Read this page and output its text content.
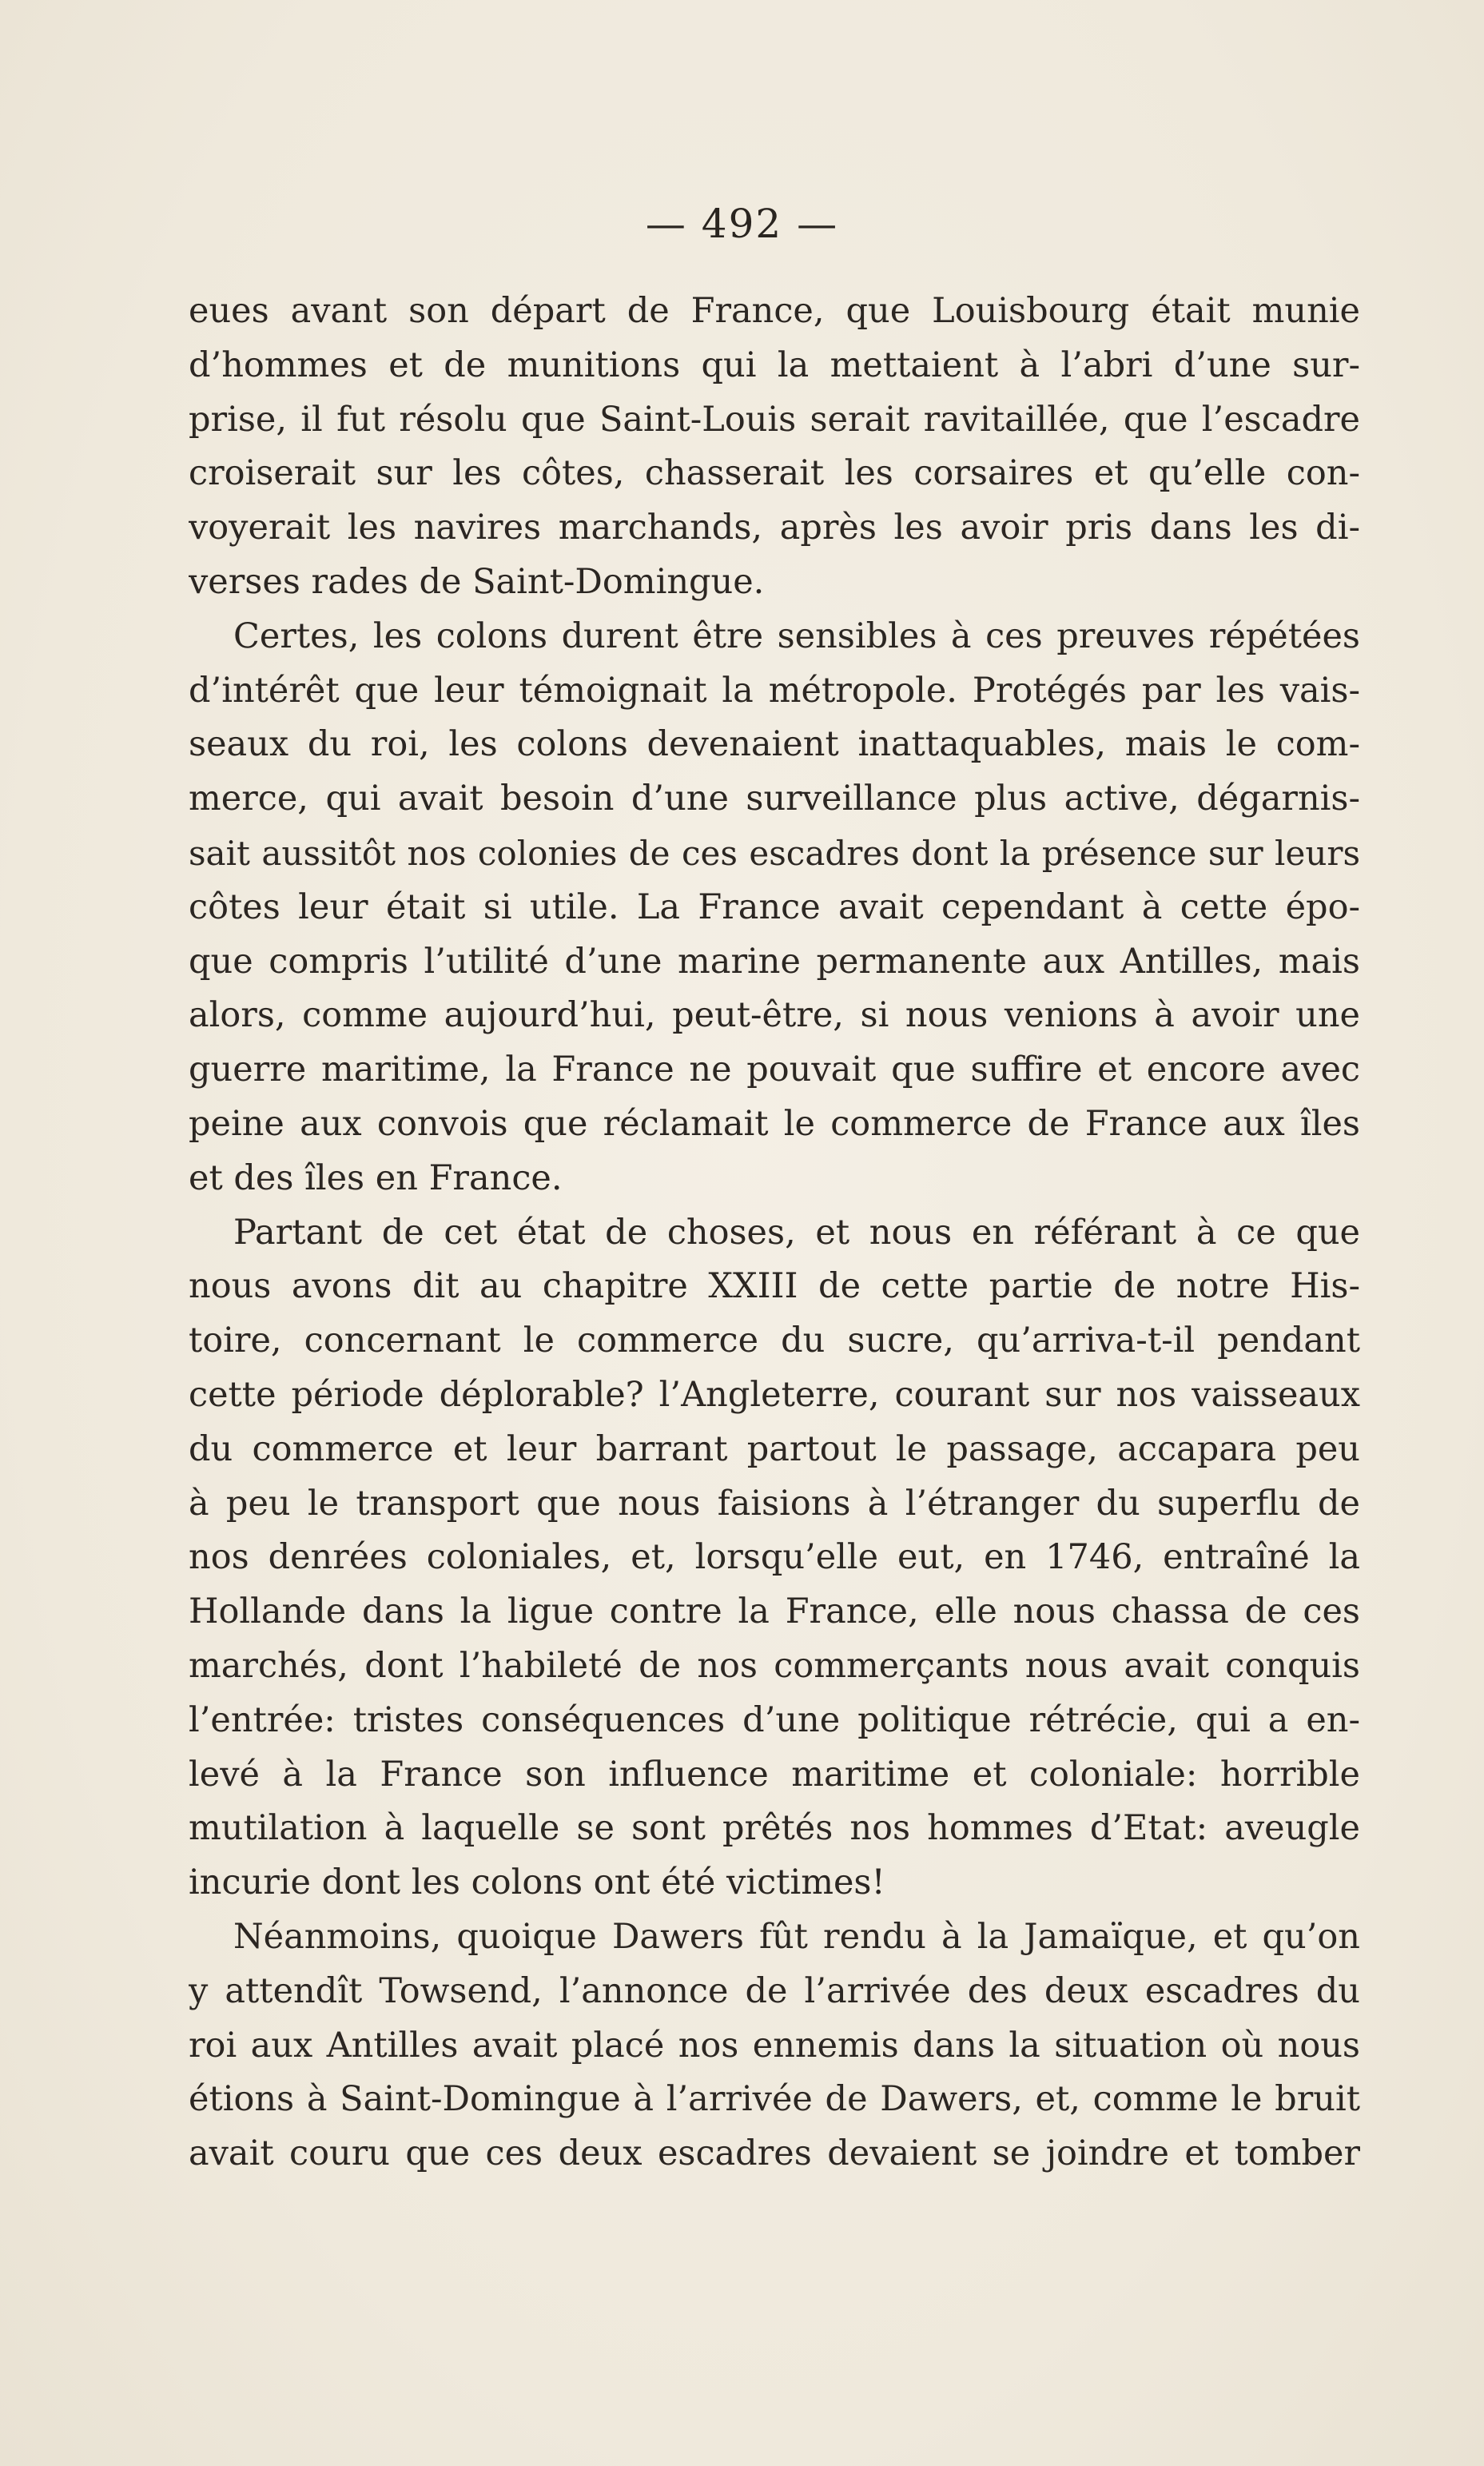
— 492 —
eues avant son départ de France, que Louisbourg était munie
d’hommes et de munitions qui la mettaient à l’abri d’une sur-
prise, il fut résolu que Saint-Louis serait ravitaillée, que l’escadre
croiserait sur les côtes, chasserait les corsaires et qu’elle con-
voyerait les navires marchands, après les avoir pris dans les di-
verses rades de Saint-Domingue.
Certes, les colons durent être sensibles à ces preuves répétées
d’intérêt que leur témoignait la métropole. Protégés par les vais-
seaux du roi, les colons devenaient inattaquables, mais le com-
merce, qui avait besoin d’une surveillance plus active, dégarnis-
sait aussitôt nos colonies de ces escadres dont la présence sur leurs
côtes leur était si utile. La France avait cependant à cette épo-
que compris l’utilité d’une marine permanente aux Antilles, mais
alors, comme aujourd’hui, peut-être, si nous venions à avoir une
guerre maritime, la France ne pouvait que suffire et encore avec
peine aux convois que réclamait le commerce de France aux îles
et des îles en France.
Partant de cet état de choses, et nous en référant à ce que
nous avons dit au chapitre XXIII de cette partie de notre His-
toire, concernant le commerce du sucre, qu’arriva-t-il pendant
cette période déplorable? l’Angleterre, courant sur nos vaisseaux
du commerce et leur barrant partout le passage, accapara peu
à peu le transport que nous faisions à l’étranger du superflu de
nos denrées coloniales, et, lorsqu’elle eut, en 1746, entraîné la
Hollande dans la ligue contre la France, elle nous chassa de ces
marchés, dont l’habileté de nos commerçants nous avait conquis
l’entrée: tristes conséquences d’une politique rétrécie, qui a en-
levé à la France son influence maritime et coloniale: horrible
mutilation à laquelle se sont prêtés nos hommes d’Etat: aveugle
incurie dont les colons ont été victimes!
Néanmoins, quoique Dawers fût rendu à la Jamaïque, et qu’on
y attendît Towsend, l’annonce de l’arrivée des deux escadres du
roi aux Antilles avait placé nos ennemis dans la situation où nous
étions à Saint-Domingue à l’arrivée de Dawers, et, comme le bruit
avait couru que ces deux escadres devaient se joindre et tomber
